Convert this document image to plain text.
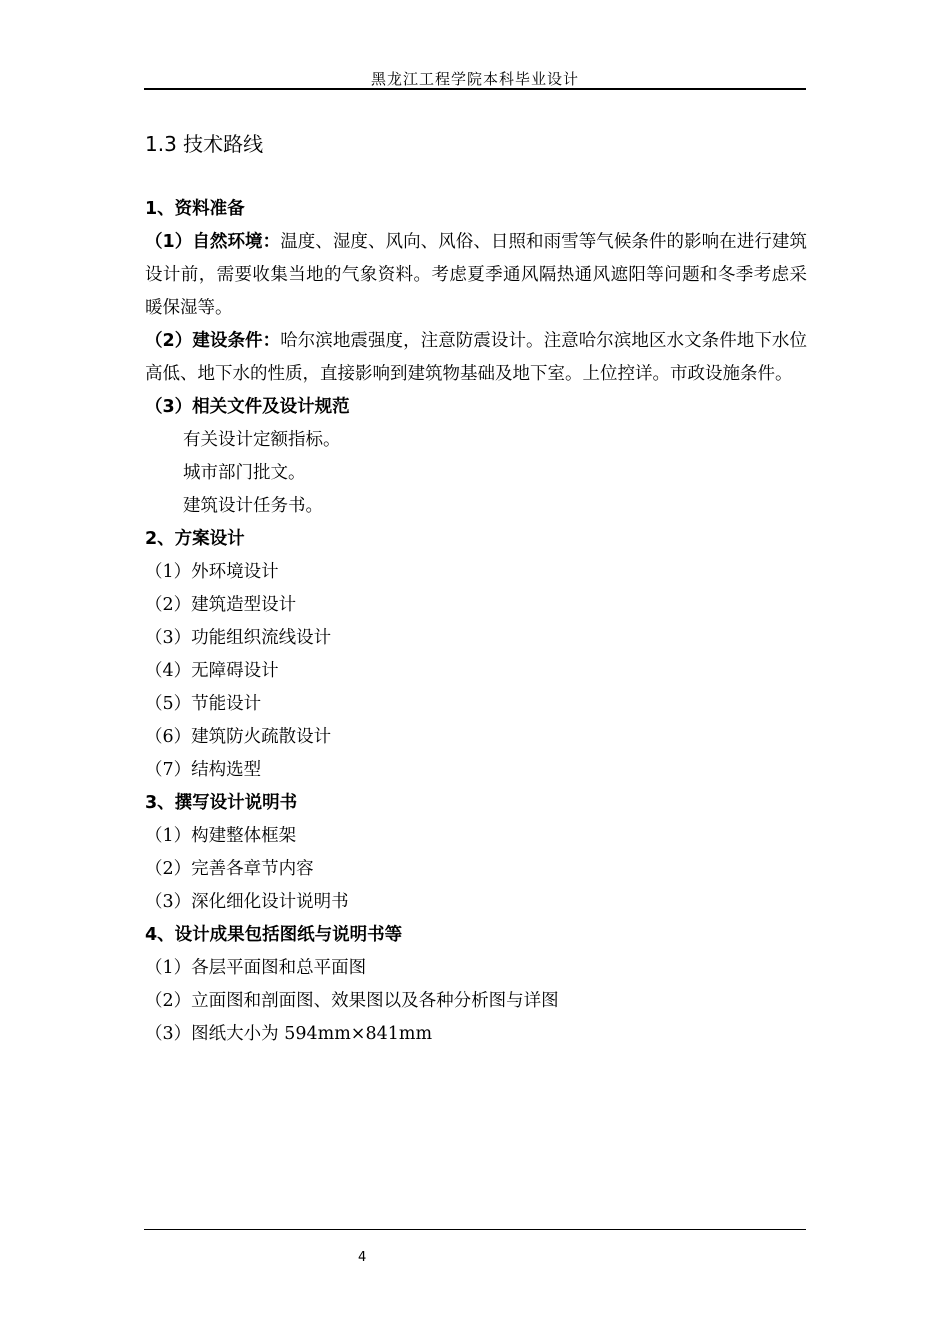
黑龙江工程学院本科毕业设计
1.3 技术路线
1、资料准备
（1）自然环境：温度、湿度、风向、风俗、日照和雨雪等气候条件的影响在进行建筑设计前，需要收集当地的气象资料。考虑夏季通风隔热通风遮阳等问题和冬季考虑采暖保湿等。
（2）建设条件：哈尔滨地震强度，注意防震设计。注意哈尔滨地区水文条件地下水位高低、地下水的性质，直接影响到建筑物基础及地下室。上位控详。市政设施条件。
（3）相关文件及设计规范
有关设计定额指标。
城市部门批文。
建筑设计任务书。
2、方案设计
（1）外环境设计
（2）建筑造型设计
（3）功能组织流线设计
（4）无障碍设计
（5）节能设计
（6）建筑防火疏散设计
（7）结构选型
3、撰写设计说明书
（1）构建整体框架
（2）完善各章节内容
（3）深化细化设计说明书
4、设计成果包括图纸与说明书等
（1）各层平面图和总平面图
（2）立面图和剖面图、效果图以及各种分析图与详图
（3）图纸大小为 594mm×841mm
4
